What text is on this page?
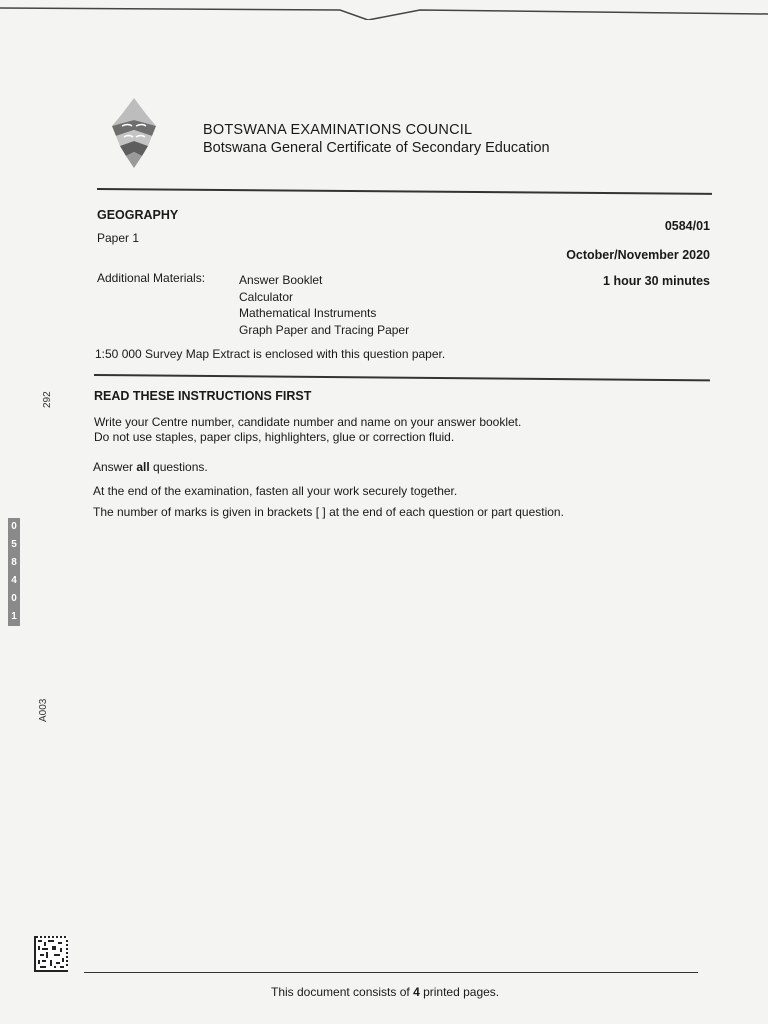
BOTSWANA EXAMINATIONS COUNCIL
Botswana General Certificate of Secondary Education
GEOGRAPHY
Paper 1
0584/01
October/November 2020
1 hour 30 minutes
Additional Materials:	Answer Booklet
Calculator
Mathematical Instruments
Graph Paper and Tracing Paper
1:50 000 Survey Map Extract is enclosed with this question paper.
READ THESE INSTRUCTIONS FIRST
Write your Centre number, candidate number and name on your answer booklet.
Do not use staples, paper clips, highlighters, glue or correction fluid.
Answer all questions.
At the end of the examination, fasten all your work securely together.
The number of marks is given in brackets [ ] at the end of each question or part question.
292
0
5
8
4
0
1
A003
This document consists of 4 printed pages.
